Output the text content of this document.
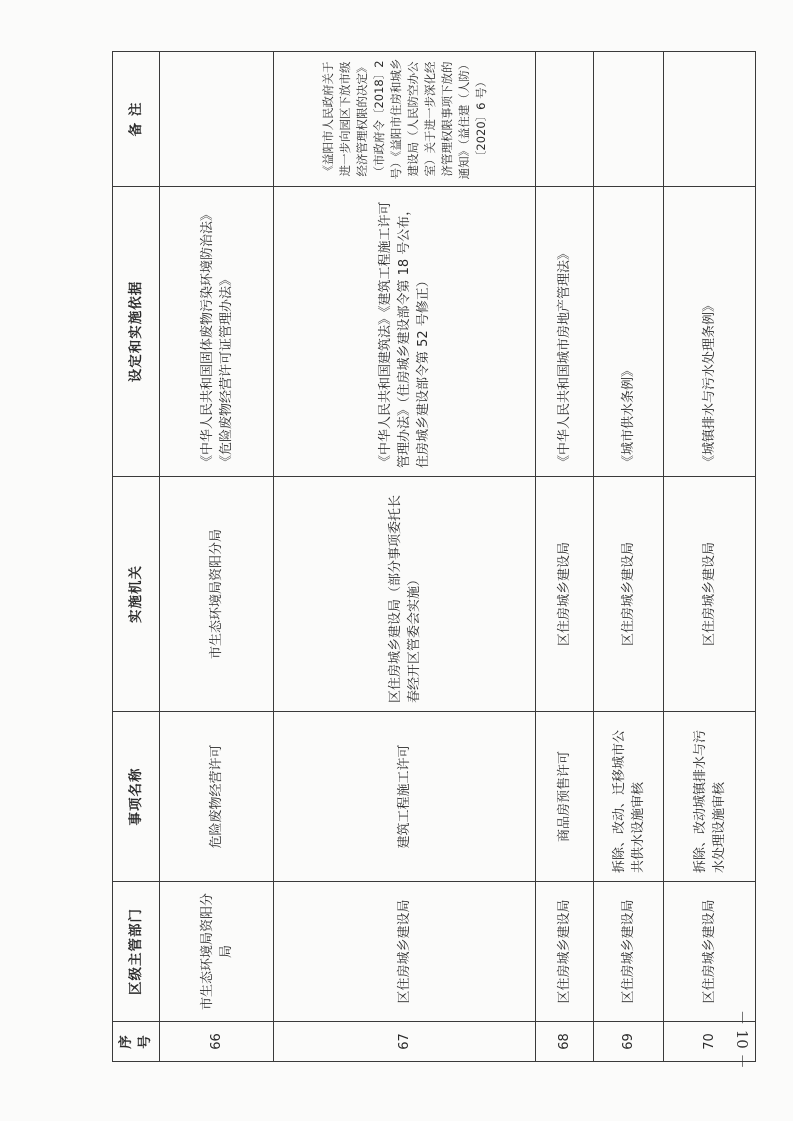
序号	区级主管部门	事项名称	实施机关	设定和实施依据	备 注
66	市生态环境局资阳分局	危险废物经营许可	市生态环境局资阳分局	《中华人民共和国固体废物污染环境防治法》《危险废物经营许可证管理办法》	
67	区住房城乡建设局	建筑工程施工许可	区住房城乡建设局（部分事项委托长春经开区管委会实施）	《中华人民共和国建筑法》《建筑工程施工许可管理办法》（住房城乡建设部令第 18 号公布，住房城乡建设部令第 52 号修正）	《益阳市人民政府关于进一步向园区下放市级经济管理权限的决定》（市政府令〔2018〕2 号）《益阳市住房和城乡建设局（人民防空办公室）关于进一步深化经济管理权限事项下放的通知》（益住建（人防）〔2020〕6 号）
68	区住房城乡建设局	商品房预售许可	区住房城乡建设局	《中华人民共和国城市房地产管理法》	
69	区住房城乡建设局	拆除、改动、迁移城市公共供水设施审核	区住房城乡建设局	《城市供水条例》	
70	区住房城乡建设局	拆除、改动城镇排水与污水处理设施审核	区住房城乡建设局	《城镇排水与污水处理条例》	
－ 10 －
